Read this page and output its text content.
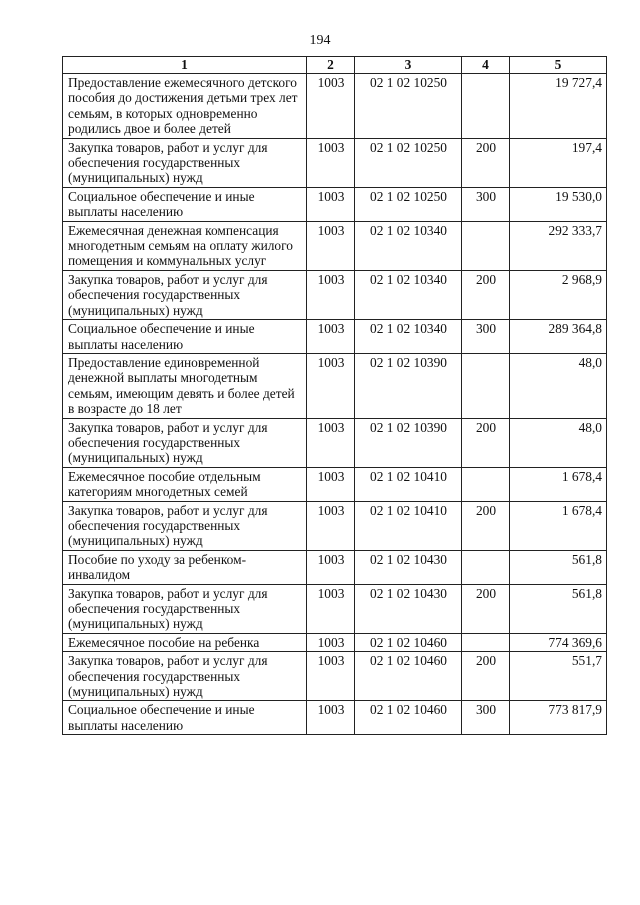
194
1	2	3	4	5
Предоставление ежемесячного детского пособия до достижения детьми трех лет семьям, в которых одновременно родились двое и более детей	1003	02 1 02 10250		19 727,4
Закупка товаров, работ и услуг для обеспечения государственных (муниципальных) нужд	1003	02 1 02 10250	200	197,4
Социальное обеспечение и иные выплаты населению	1003	02 1 02 10250	300	19 530,0
Ежемесячная денежная компенсация многодетным семьям на оплату жилого помещения и коммунальных услуг	1003	02 1 02 10340		292 333,7
Закупка товаров, работ и услуг для обеспечения государственных (муниципальных) нужд	1003	02 1 02 10340	200	2 968,9
Социальное обеспечение и иные выплаты населению	1003	02 1 02 10340	300	289 364,8
Предоставление единовременной денежной выплаты многодетным семьям, имеющим девять и более детей в возрасте до 18 лет	1003	02 1 02 10390		48,0
Закупка товаров, работ и услуг для обеспечения государственных (муниципальных) нужд	1003	02 1 02 10390	200	48,0
Ежемесячное пособие отдельным категориям многодетных семей	1003	02 1 02 10410		1 678,4
Закупка товаров, работ и услуг для обеспечения государственных (муниципальных) нужд	1003	02 1 02 10410	200	1 678,4
Пособие по уходу за ребенком-инвалидом	1003	02 1 02 10430		561,8
Закупка товаров, работ и услуг для обеспечения государственных (муниципальных) нужд	1003	02 1 02 10430	200	561,8
Ежемесячное пособие на ребенка	1003	02 1 02 10460		774 369,6
Закупка товаров, работ и услуг для обеспечения государственных (муниципальных) нужд	1003	02 1 02 10460	200	551,7
Социальное обеспечение и иные выплаты населению	1003	02 1 02 10460	300	773 817,9
